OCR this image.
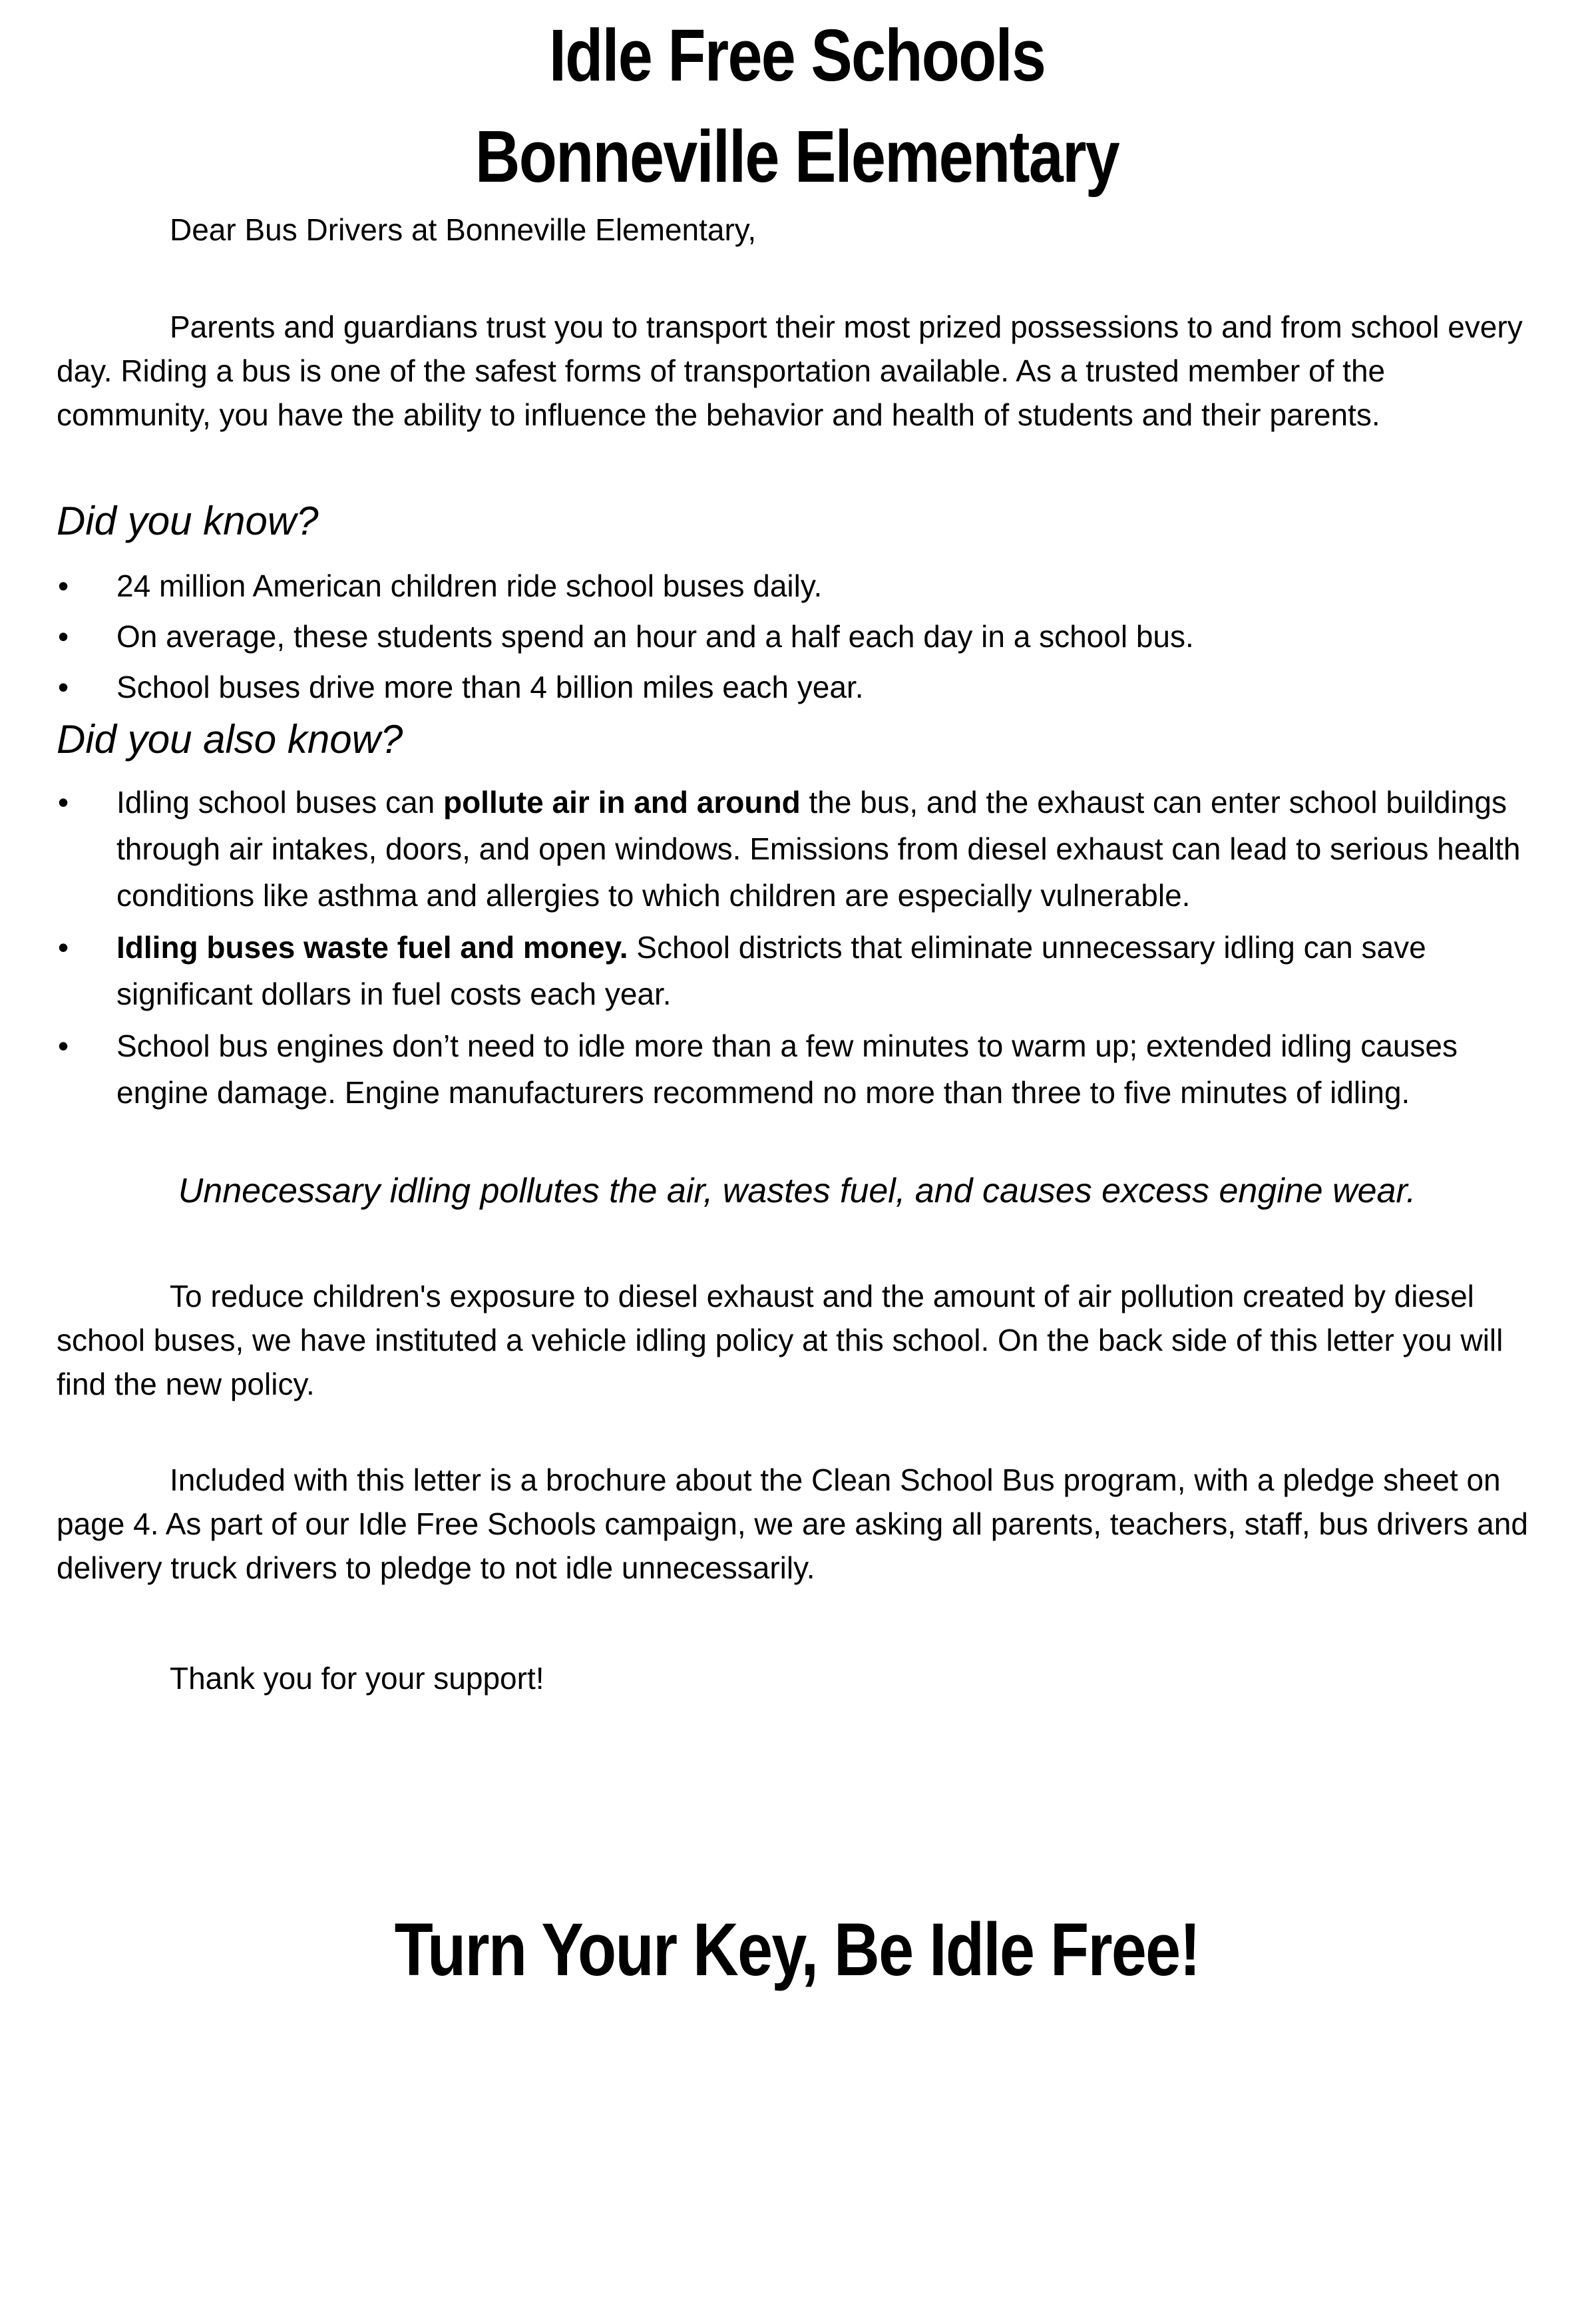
Idle Free Schools
Bonneville Elementary

Dear Bus Drivers at Bonneville Elementary,

Parents and guardians trust you to transport their most prized possessions to and from school every day. Riding a bus is one of the safest forms of transportation available. As a trusted member of the community, you have the ability to influence the behavior and health of students and their parents.

Did you know?
• 24 million American children ride school buses daily.
• On average, these students spend an hour and a half each day in a school bus.
• School buses drive more than 4 billion miles each year.
Did you also know?
• Idling school buses can pollute air in and around the bus, and the exhaust can enter school buildings through air intakes, doors, and open windows. Emissions from diesel exhaust can lead to serious health conditions like asthma and allergies to which children are especially vulnerable.
• Idling buses waste fuel and money. School districts that eliminate unnecessary idling can save significant dollars in fuel costs each year.
• School bus engines don’t need to idle more than a few minutes to warm up; extended idling causes engine damage. Engine manufacturers recommend no more than three to five minutes of idling.
Unnecessary idling pollutes the air, wastes fuel, and causes excess engine wear.

To reduce children's exposure to diesel exhaust and the amount of air pollution created by diesel school buses, we have instituted a vehicle idling policy at this school. On the back side of this letter you will find the new policy.

Included with this letter is a brochure about the Clean School Bus program, with a pledge sheet on page 4. As part of our Idle Free Schools campaign, we are asking all parents, teachers, staff, bus drivers and delivery truck drivers to pledge to not idle unnecessarily.

Thank you for your support!

Turn Your Key, Be Idle Free!
